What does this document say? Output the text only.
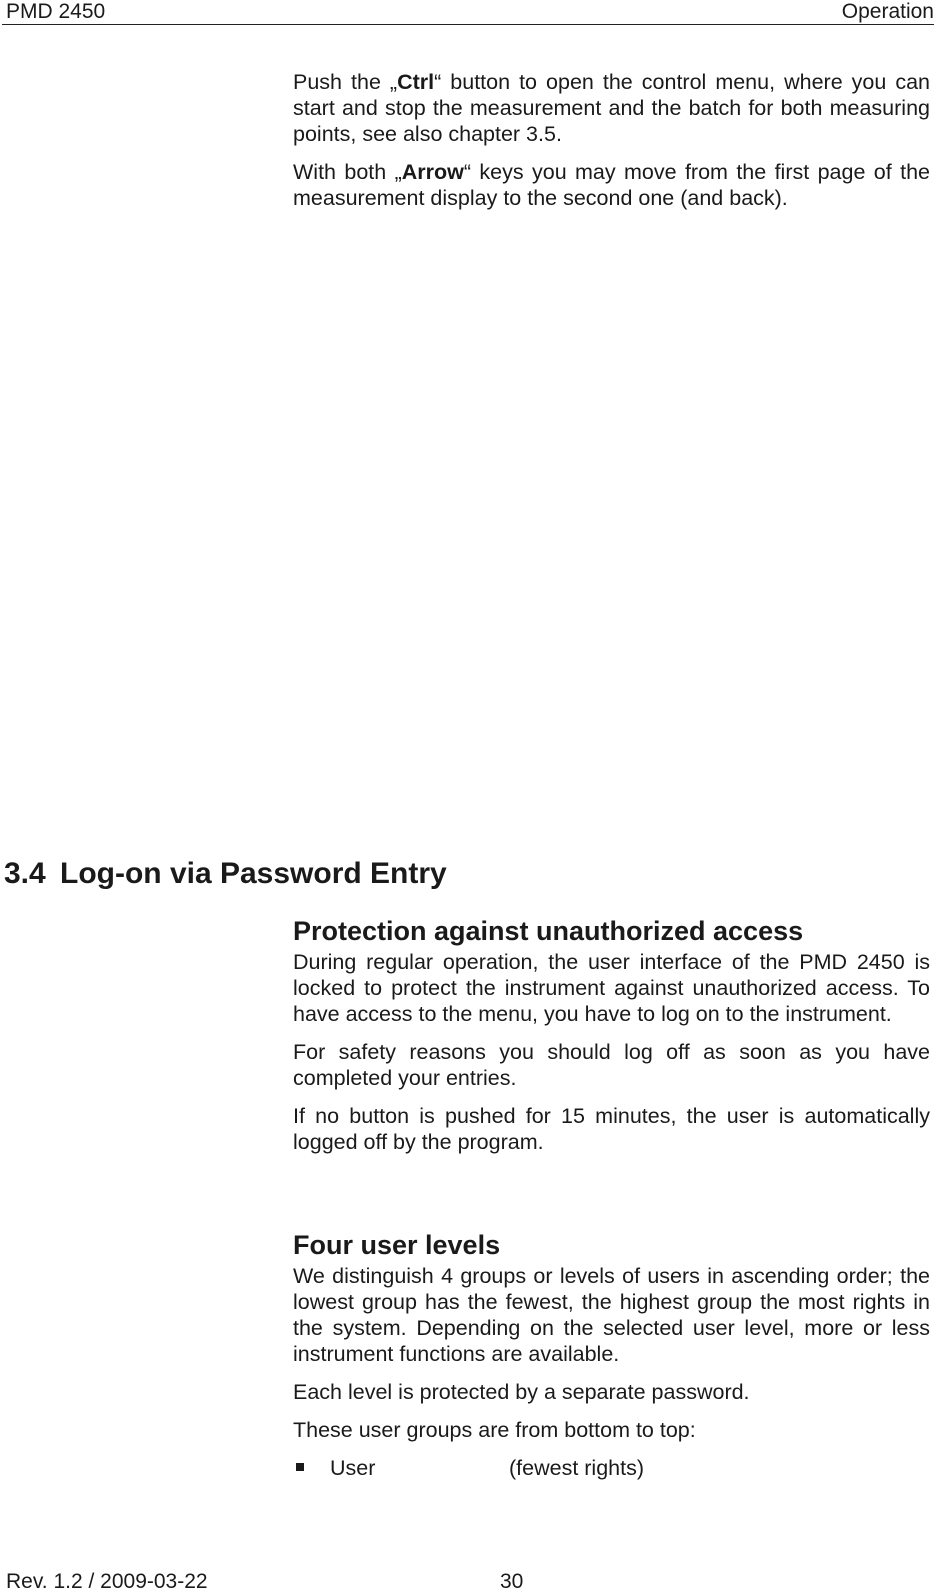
PMD 2450	Operation

Push the „Ctrl“ button to open the control menu, where you can start and stop the measurement and the batch for both measuring points, see also chapter 3.5.

With both „Arrow“ keys you may move from the first page of the measurement display to the second one (and back).

3.4 Log-on via Password Entry
Protection against unauthorized access

During regular operation, the user interface of the PMD 2450 is locked to protect the instrument against unauthorized access. To have access to the menu, you have to log on to the instrument.

For safety reasons you should log off as soon as you have completed your entries.

If no button is pushed for 15 minutes, the user is automatically logged off by the program.

Four user levels

We distinguish 4 groups or levels of users in ascending order; the lowest group has the fewest, the highest group the most rights in the system. Depending on the selected user level, more or less instrument functions are available.

Each level is protected by a separate password.

These user groups are from bottom to top:

User	(fewest rights)
Rev. 1.2 / 2009-03-22	30
